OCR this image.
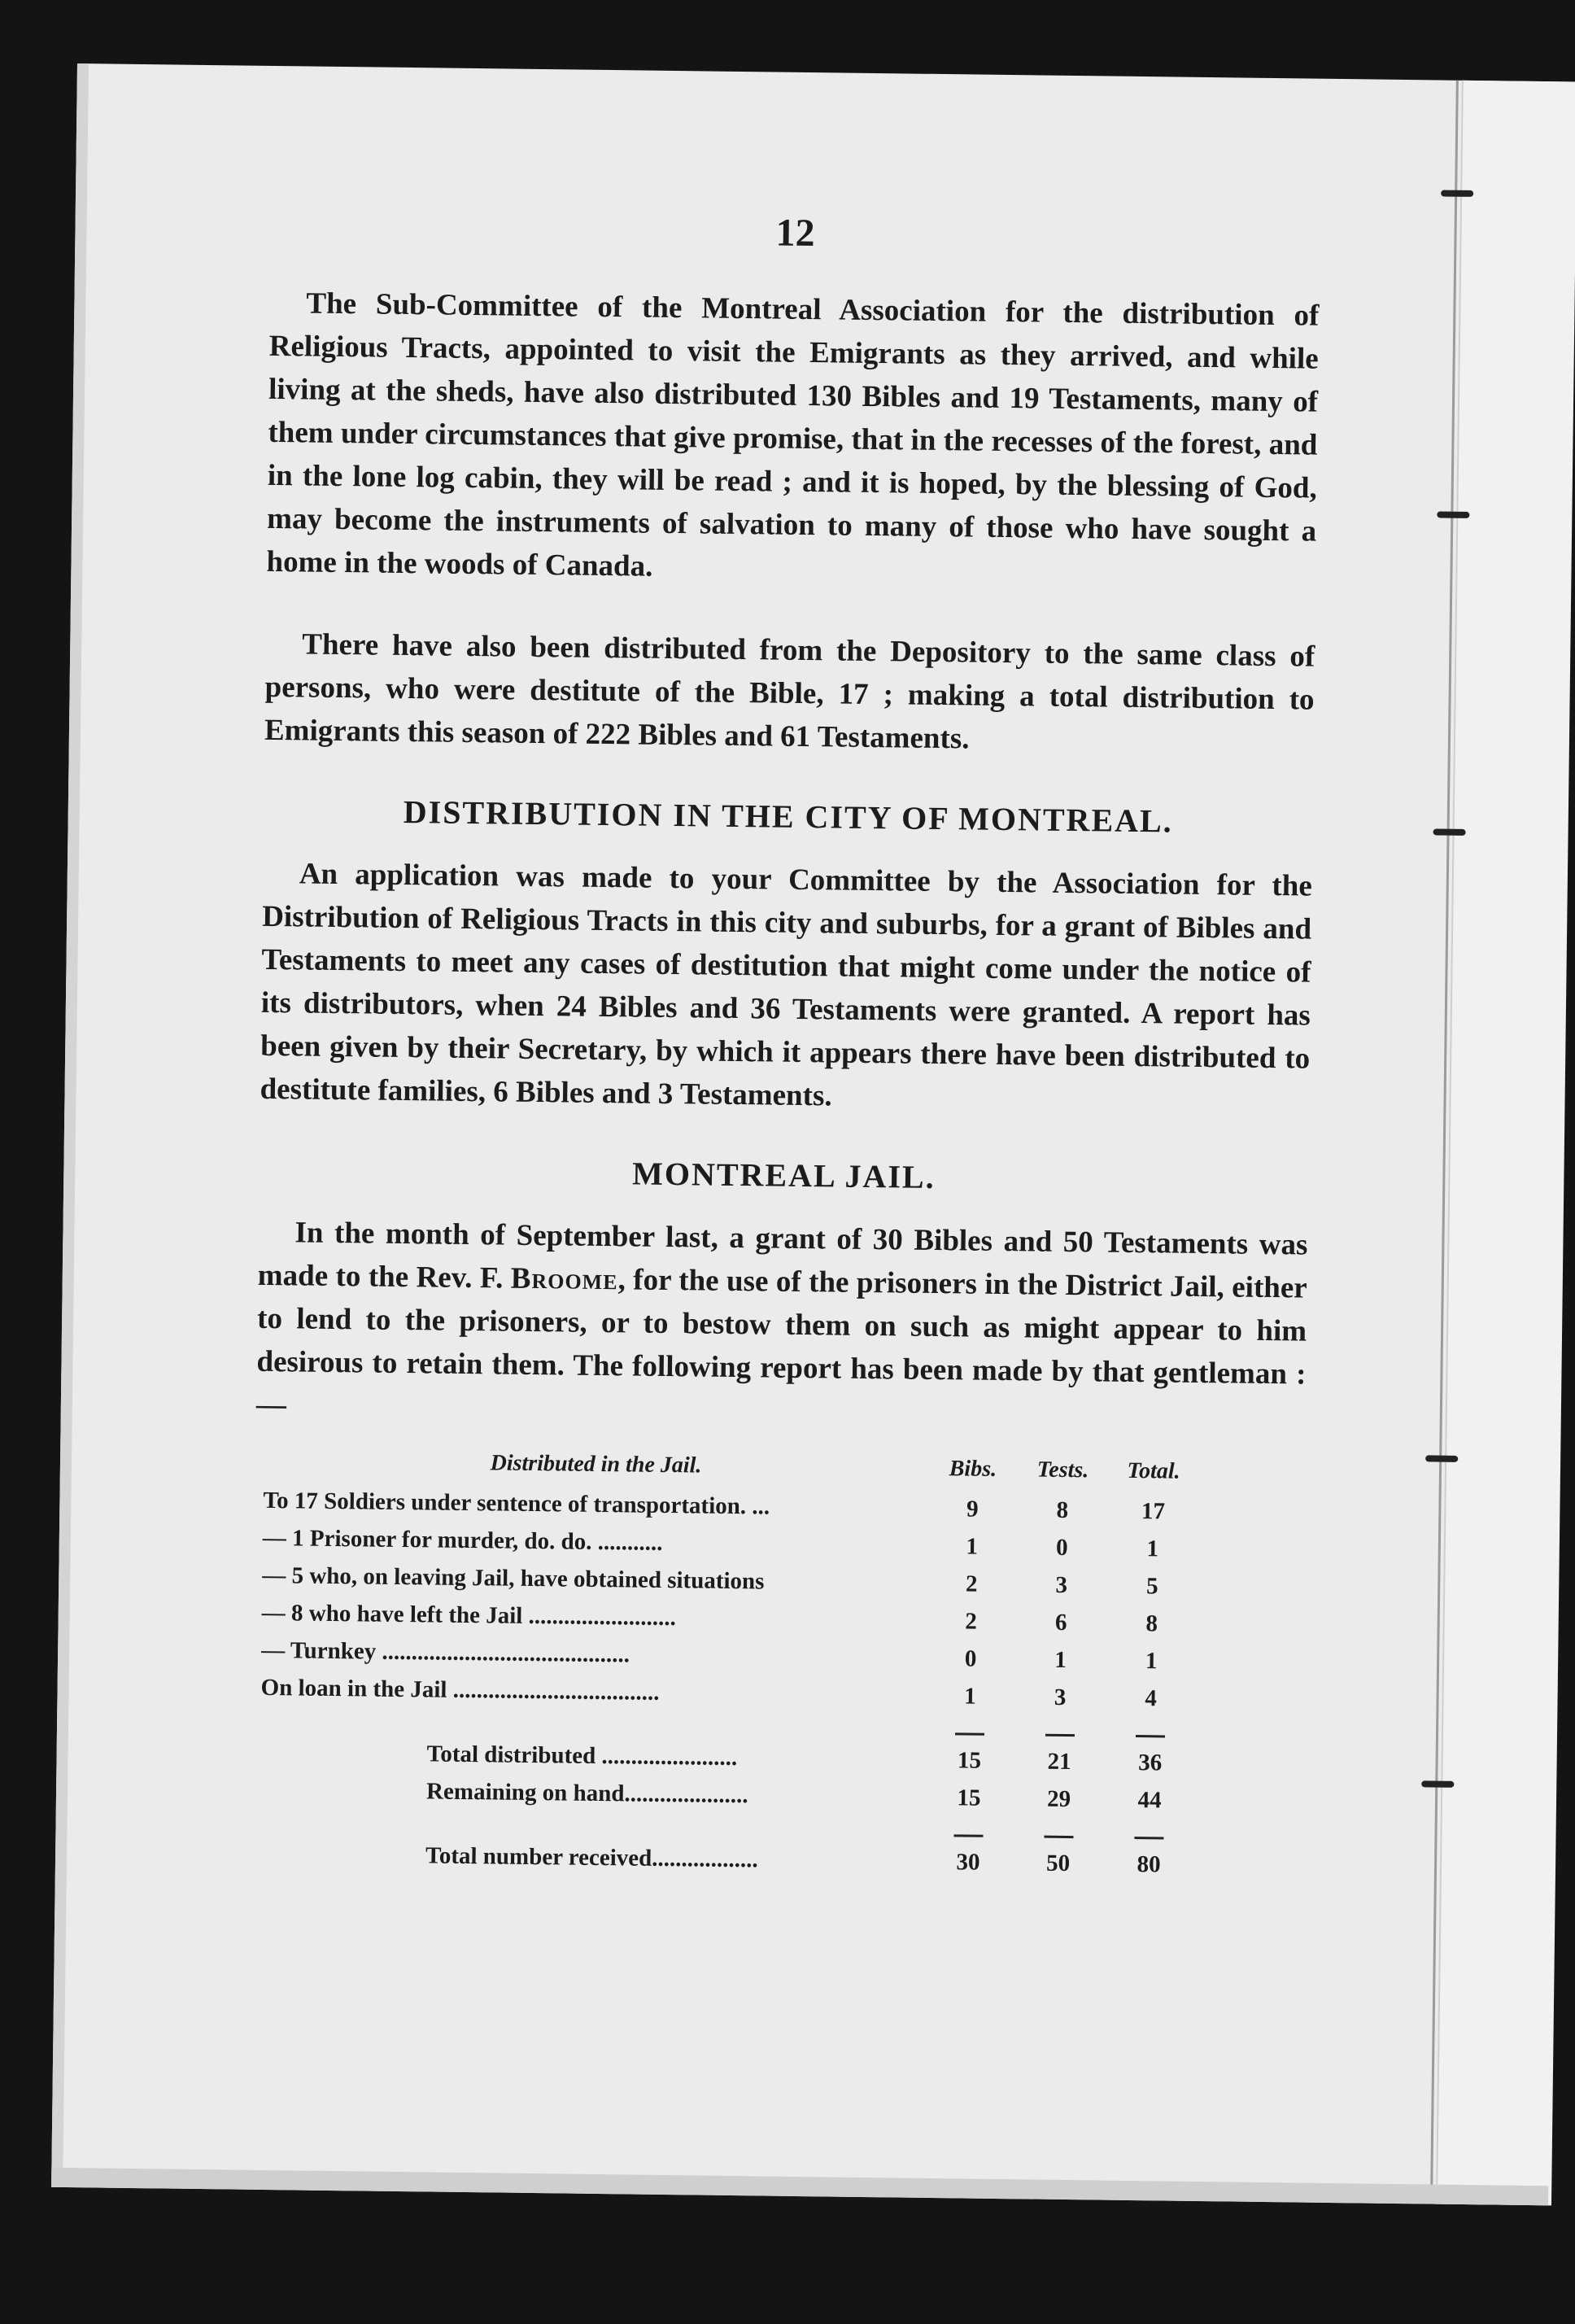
12

The Sub-Committee of the Montreal Association for the distribution of Religious Tracts, appointed to visit the Emigrants as they arrived, and while living at the sheds, have also distributed 130 Bibles and 19 Testaments, many of them under circumstances that give promise, that in the recesses of the forest, and in the lone log cabin, they will be read ; and it is hoped, by the blessing of God, may become the instruments of salvation to many of those who have sought a home in the woods of Canada.

There have also been distributed from the Depository to the same class of persons, who were destitute of the Bible, 17 ; making a total distribution to Emigrants this season of 222 Bibles and 61 Testaments.

DISTRIBUTION IN THE CITY OF MONTREAL.

An application was made to your Committee by the Association for the Distribution of Religious Tracts in this city and suburbs, for a grant of Bibles and Testaments to meet any cases of destitution that might come under the notice of its distributors, when 24 Bibles and 36 Testaments were granted. A report has been given by their Secretary, by which it appears there have been distributed to destitute families, 6 Bibles and 3 Testaments.

MONTREAL JAIL.

In the month of September last, a grant of 30 Bibles and 50 Testaments was made to the Rev. F. Broome, for the use of the prisoners in the District Jail, either to lend to the prisoners, or to bestow them on such as might appear to him desirous to retain them. The following report has been made by that gentleman :—

Distributed in the Jail.	Bibs.	Tests.	Total.
To 17 Soldiers under sentence of transportation. ...	9	8	17
— 1 Prisoner for murder, do. do. ...........	1	0	1
— 5 who, on leaving Jail, have obtained situations	2	3	5
— 8 who have left the Jail .........................	2	6	8
— Turnkey ..........................................	0	1	1
On loan in the Jail ...................................	1	3	4

Total distributed .......................	15	21	36
Remaining on hand.....................	15	29	44

Total number received..................	30	50	80
